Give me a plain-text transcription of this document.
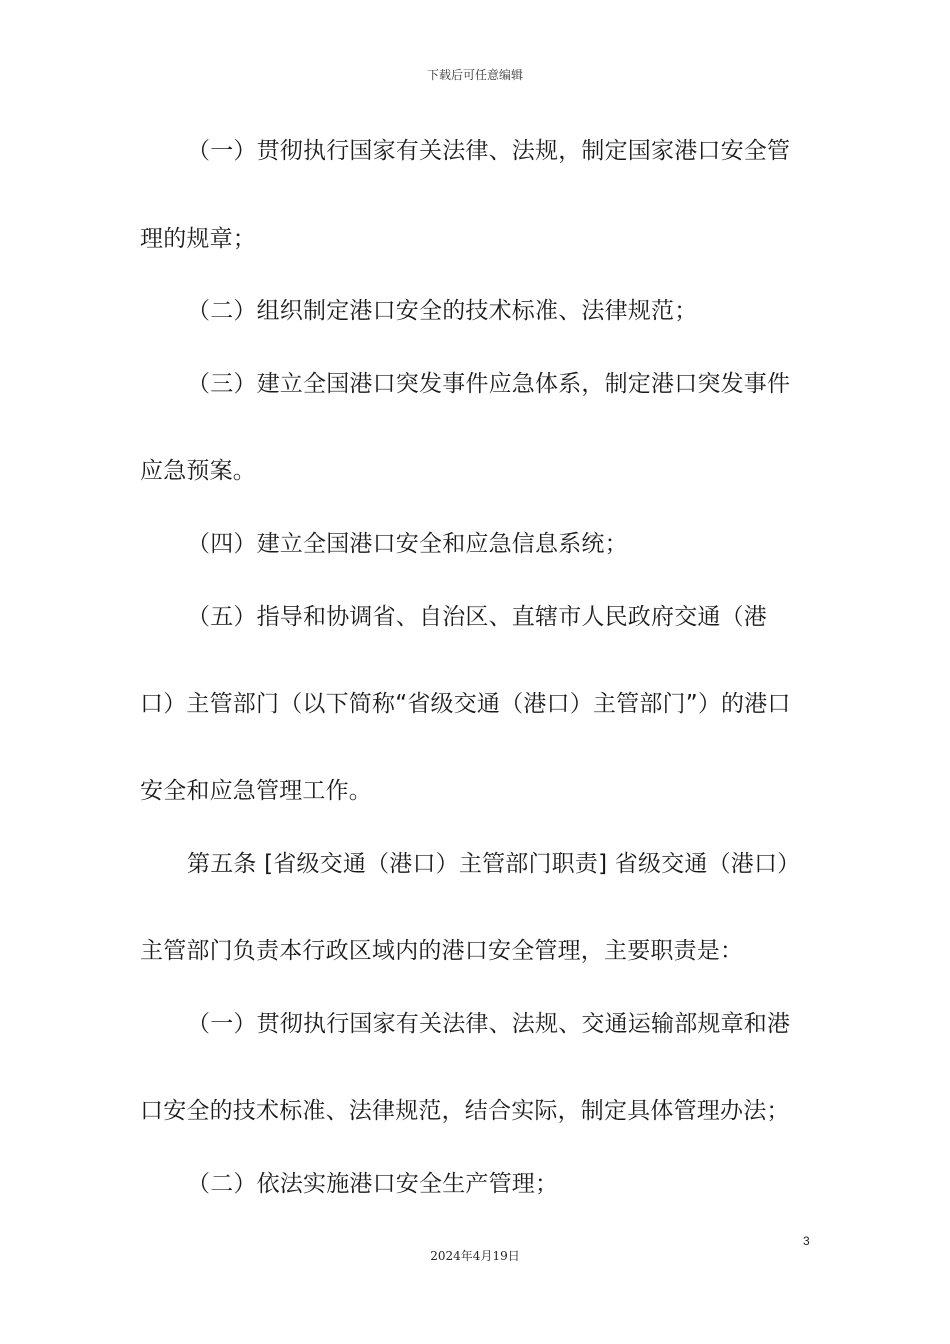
下载后可任意编辑
（一）贯彻执行国家有关法律、法规，制定国家港口安全管
理的规章；
（二）组织制定港口安全的技术标准、法律规范；
（三）建立全国港口突发事件应急体系，制定港口突发事件
应急预案。
（四）建立全国港口安全和应急信息系统；
（五）指导和协调省、自治区、直辖市人民政府交通（港
口）主管部门（以下简称“省级交通（港口）主管部门”）的港口
安全和应急管理工作。
第五条 [省级交通（港口）主管部门职责] 省级交通（港口）
主管部门负责本行政区域内的港口安全管理，主要职责是：
（一）贯彻执行国家有关法律、法规、交通运输部规章和港
口安全的技术标准、法律规范，结合实际，制定具体管理办法；
（二）依法实施港口安全生产管理；
3
2024年4月19日
